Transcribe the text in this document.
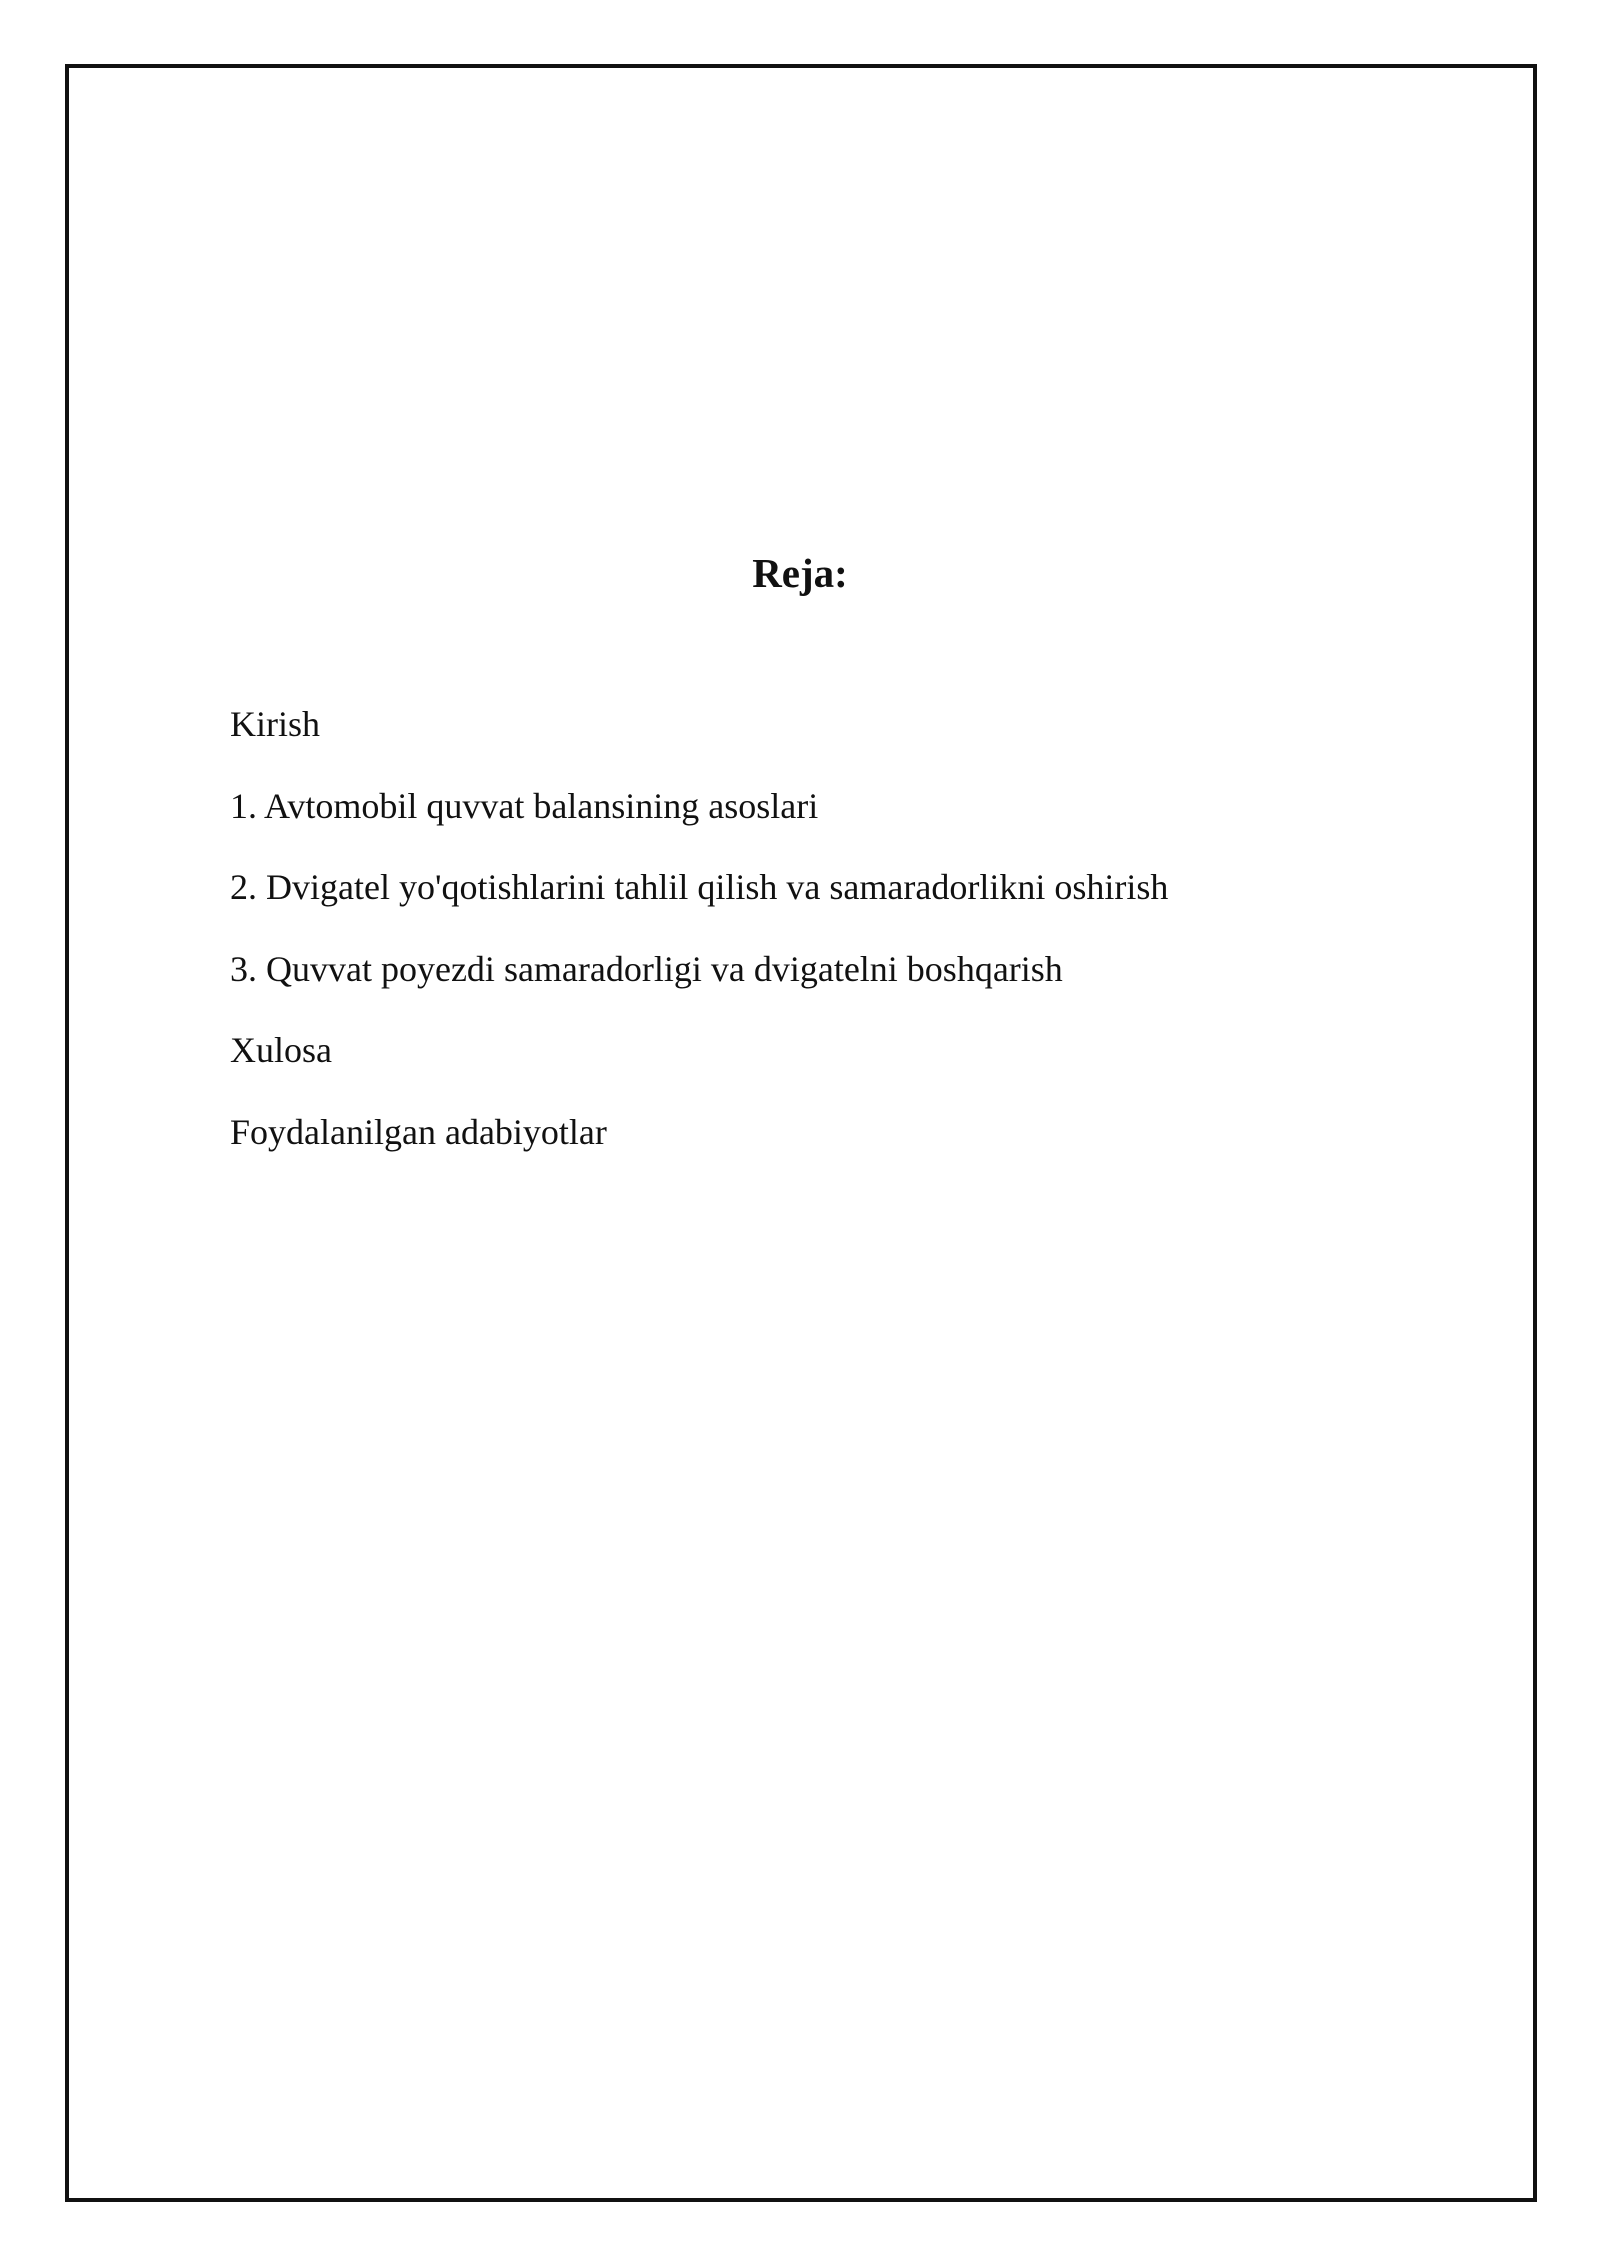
Reja:
Kirish
1. Avtomobil quvvat balansining asoslari
2. Dvigatel yo'qotishlarini tahlil qilish va samaradorlikni oshirish
3. Quvvat poyezdi samaradorligi va dvigatelni boshqarish
Xulosa
Foydalanilgan adabiyotlar
